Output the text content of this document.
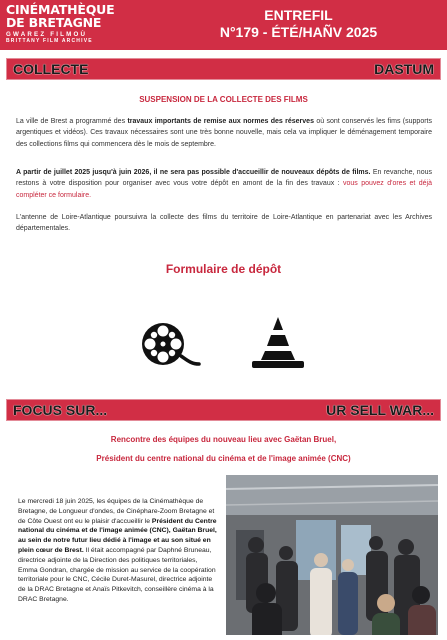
CINÉMATHÈQUE
DE BRETAGNE
GWAREZ FILMOÙ
BRITTANY FILM ARCHIVE
ENTREFIL
N°179 - ÉTÉ/HAÑV 2025
COLLECTE	DASTUM
SUSPENSION DE LA COLLECTE DES FILMS

La ville de Brest a programmé des travaux importants de remise aux normes des réserves où sont conservés les fims (supports argentiques et vidéos). Ces travaux nécessaires sont une très bonne nouvelle, mais cela va impliquer le déménagement temporaire des collections films qui commencera dès le mois de septembre.

A partir de juillet 2025 jusqu'à juin 2026, il ne sera pas possible d'accueillir de nouveaux dépôts de films. En revanche, nous restons à votre disposition pour organiser avec vous votre dépôt en amont de la fin des travaux : vous pouvez d'ores et déjà compléter ce formulaire.

L'antenne de Loire-Atlantique poursuivra la collecte des films du territoire de Loire-Atlantique en partenariat avec les Archives départementales.

Formulaire de dépôt
FOCUS SUR...	UR SELL WAR...
Rencontre des équipes du nouveau lieu avec Gaëtan Bruel,
Président du centre national du cinéma et de l'image animée (CNC)

Le mercredi 18 juin 2025, les équipes de la Cinémathèque de Bretagne, de Longueur d'ondes, de Cinéphare-Zoom Bretagne et de Côte Ouest ont eu le plaisir d'accueillir le Président du Centre national du cinéma et de l'image animée (CNC), Gaëtan Bruel, au sein de notre futur lieu dédié à l'image et au son situé en plein cœur de Brest. Il était accompagné par Daphné Bruneau, directrice adjointe de la Direction des politiques territoriales, Emma Gondran, chargée de mission au service de la coopération territoriale pour le CNC, Cécile Duret-Masurel, directrice adjointe de la DRAC Bretagne et Anaïs Pitkevitch, conseillère cinéma à la DRAC Bretagne.
